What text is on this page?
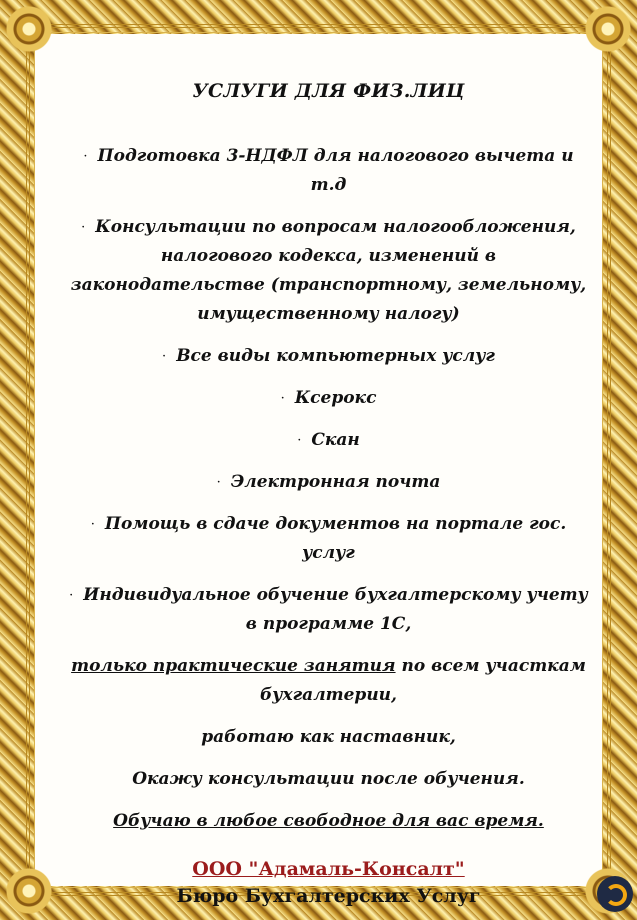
УСЛУГИ ДЛЯ ФИЗ.ЛИЦ
· Подготовка 3-НДФЛ для налогового вычета и т.д
· Консультации по вопросам налогообложения, налогового кодекса, изменений в законодательстве (транспортному, земельному, имущественному налогу)
· Все виды компьютерных услуг
· Ксерокс
· Скан
· Электронная почта
· Помощь в сдаче документов на портале гос. услуг
· Индивидуальное обучение бухгалтерскому учету в программе 1С,
только практические занятия по всем участкам бухгалтерии,
работаю как наставник,
Окажу консультации после обучения.
Обучаю в любое свободное для вас время.
ООО "Адамаль-Консалт"
Бюро Бухгалтерских Услуг
